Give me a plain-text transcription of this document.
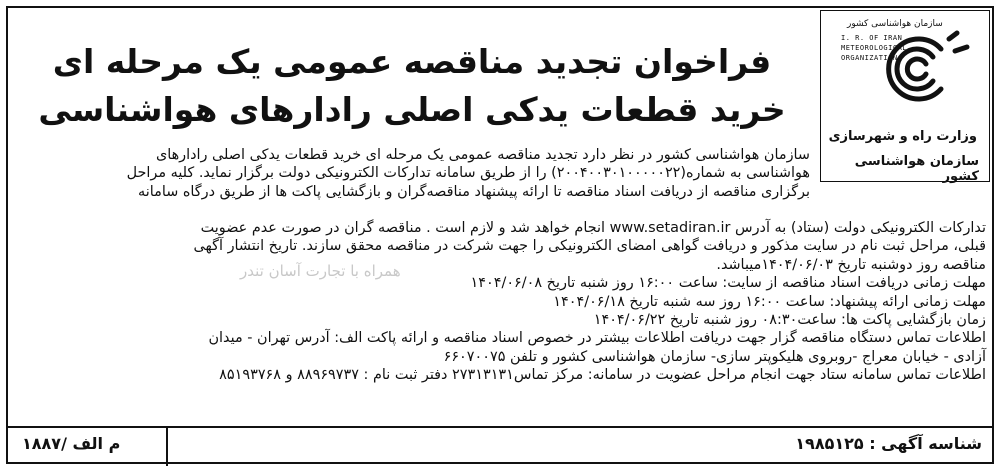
سازمان هواشناسی کشور
I. R. OF IRAN
METEOROLOGICAL
ORGANIZATION
وزارت راه و شهرسازی
سازمان هواشناسی کشور
فراخوان تجدید مناقصه عمومی یک مرحله ای
خرید قطعات یدکی اصلی رادارهای هواشناسی
سازمان هواشناسی کشور در نظر دارد تجدید مناقصه عمومی یک مرحله ای خرید قطعات یدکی اصلی رادارهای
هواشناسی به شماره(۲۰۰۴۰۰۳۰۱۰۰۰۰۰۲۲) را از طریق سامانه تدارکات الکترونیکی دولت برگزار نماید. کلیه مراحل
برگزاری مناقصه از دریافت اسناد مناقصه تا ارائه پیشنهاد مناقصه‌گران و بازگشایی پاکت ها از طریق درگاه سامانه
تدارکات الکترونیکی دولت (ستاد) به آدرس www.setadiran.ir انجام خواهد شد و لازم است . مناقصه گران در صورت عدم عضویت
قبلی، مراحل ثبت نام در سایت مذکور و دریافت گواهی امضای الکترونیکی را جهت شرکت در مناقصه محقق سازند. تاریخ انتشار آگهی
مناقصه روز دوشنبه تاریخ ۱۴۰۴/۰۶/۰۳میباشد.
مهلت زمانی دریافت اسناد مناقصه از سایت: ساعت ۱۶:۰۰ روز شنبه تاریخ ۱۴۰۴/۰۶/۰۸
مهلت زمانی ارائه پیشنهاد: ساعت ۱۶:۰۰ روز سه شنبه تاریخ ۱۴۰۴/۰۶/۱۸
زمان بازگشایی پاکت ها: ساعت۰۸:۳۰ روز شنبه تاریخ ۱۴۰۴/۰۶/۲۲
اطلاعات تماس دستگاه مناقصه گزار جهت دریافت اطلاعات بیشتر در خصوص اسناد مناقصه و ارائه پاکت الف: آدرس تهران - میدان
آزادی - خیابان معراج -روبروی هلیکوپتر سازی- سازمان هواشناسی کشور و تلفن ۶۶۰۷۰۰۷۵
اطلاعات تماس سامانه ستاد جهت انجام مراحل عضویت در سامانه: مرکز تماس۲۷۳۱۳۱۳۱ دفتر ثبت نام : ۸۸۹۶۹۷۳۷ و ۸۵۱۹۳۷۶۸
همراه با تجارت آسان تندر
شناسه آگهی : ۱۹۸۵۱۲۵
م الف /۱۸۸۷
